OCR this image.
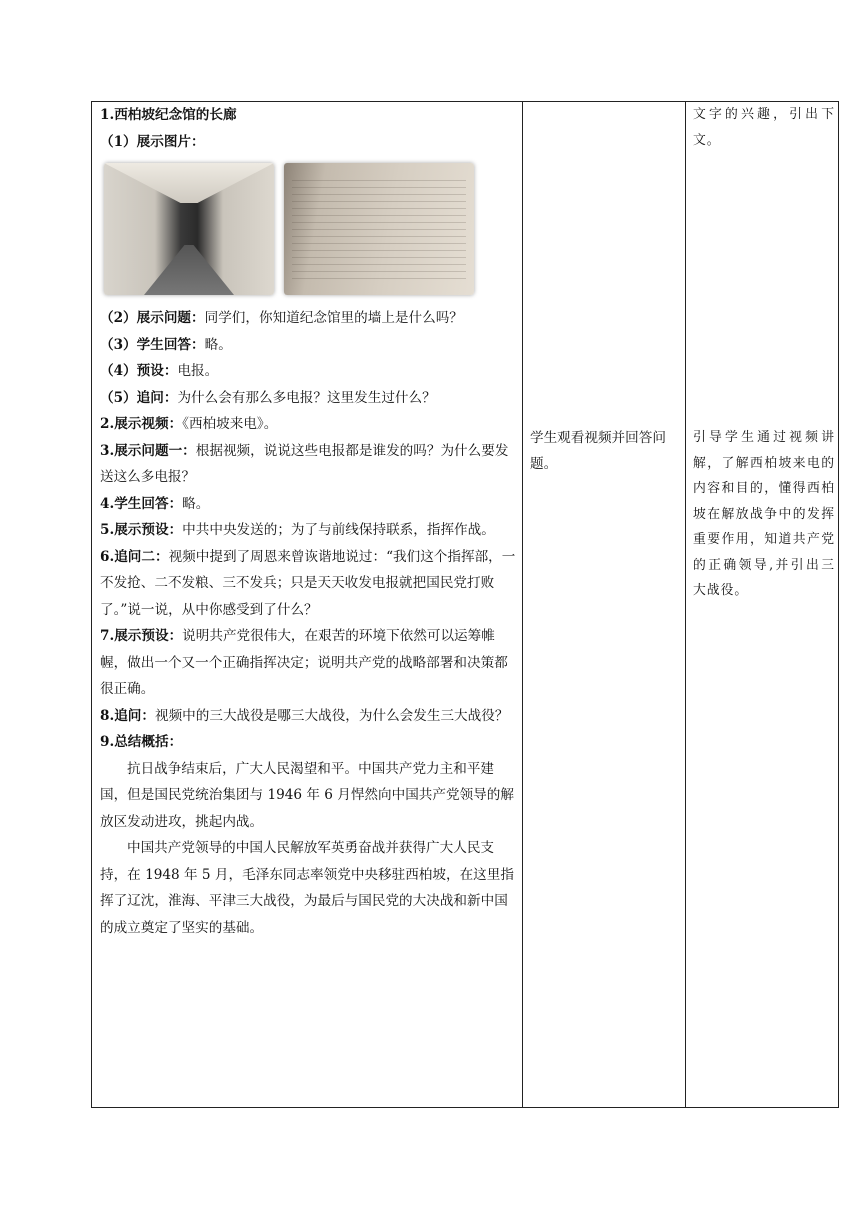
1.西柏坡纪念馆的长廊

（1）展示图片：

（2）展示问题：同学们，你知道纪念馆里的墙上是什么吗？

（3）学生回答：略。

（4）预设：电报。

（5）追问：为什么会有那么多电报？这里发生过什么？

2.展示视频：《西柏坡来电》。

3.展示问题一：根据视频，说说这些电报都是谁发的吗？为什么要发送这么多电报？

4.学生回答：略。

5.展示预设：中共中央发送的；为了与前线保持联系，指挥作战。

6.追问二：视频中提到了周恩来曾诙谐地说过：“我们这个指挥部，一不发抢、二不发粮、三不发兵；只是天天收发电报就把国民党打败了。”说一说，从中你感受到了什么？

7.展示预设：说明共产党很伟大，在艰苦的环境下依然可以运筹帷幄，做出一个又一个正确指挥决定；说明共产党的战略部署和决策都很正确。

8.追问：视频中的三大战役是哪三大战役，为什么会发生三大战役？

9.总结概括：

抗日战争结束后，广大人民渴望和平。中国共产党力主和平建国，但是国民党统治集团与 1946 年 6 月悍然向中国共产党领导的解放区发动进攻，挑起内战。

中国共产党领导的中国人民解放军英勇奋战并获得广大人民支持，在 1948 年 5 月，毛泽东同志率领党中央移驻西柏坡，在这里指挥了辽沈，淮海、平津三大战役，为最后与国民党的大决战和新中国的成立奠定了坚实的基础。

学生观看视频并回答问题。

文字的兴趣，引出下文。

引导学生通过视频讲解，了解西柏坡来电的内容和目的，懂得西柏坡在解放战争中的发挥重要作用，知道共产党的正确领导,并引出三大战役。
